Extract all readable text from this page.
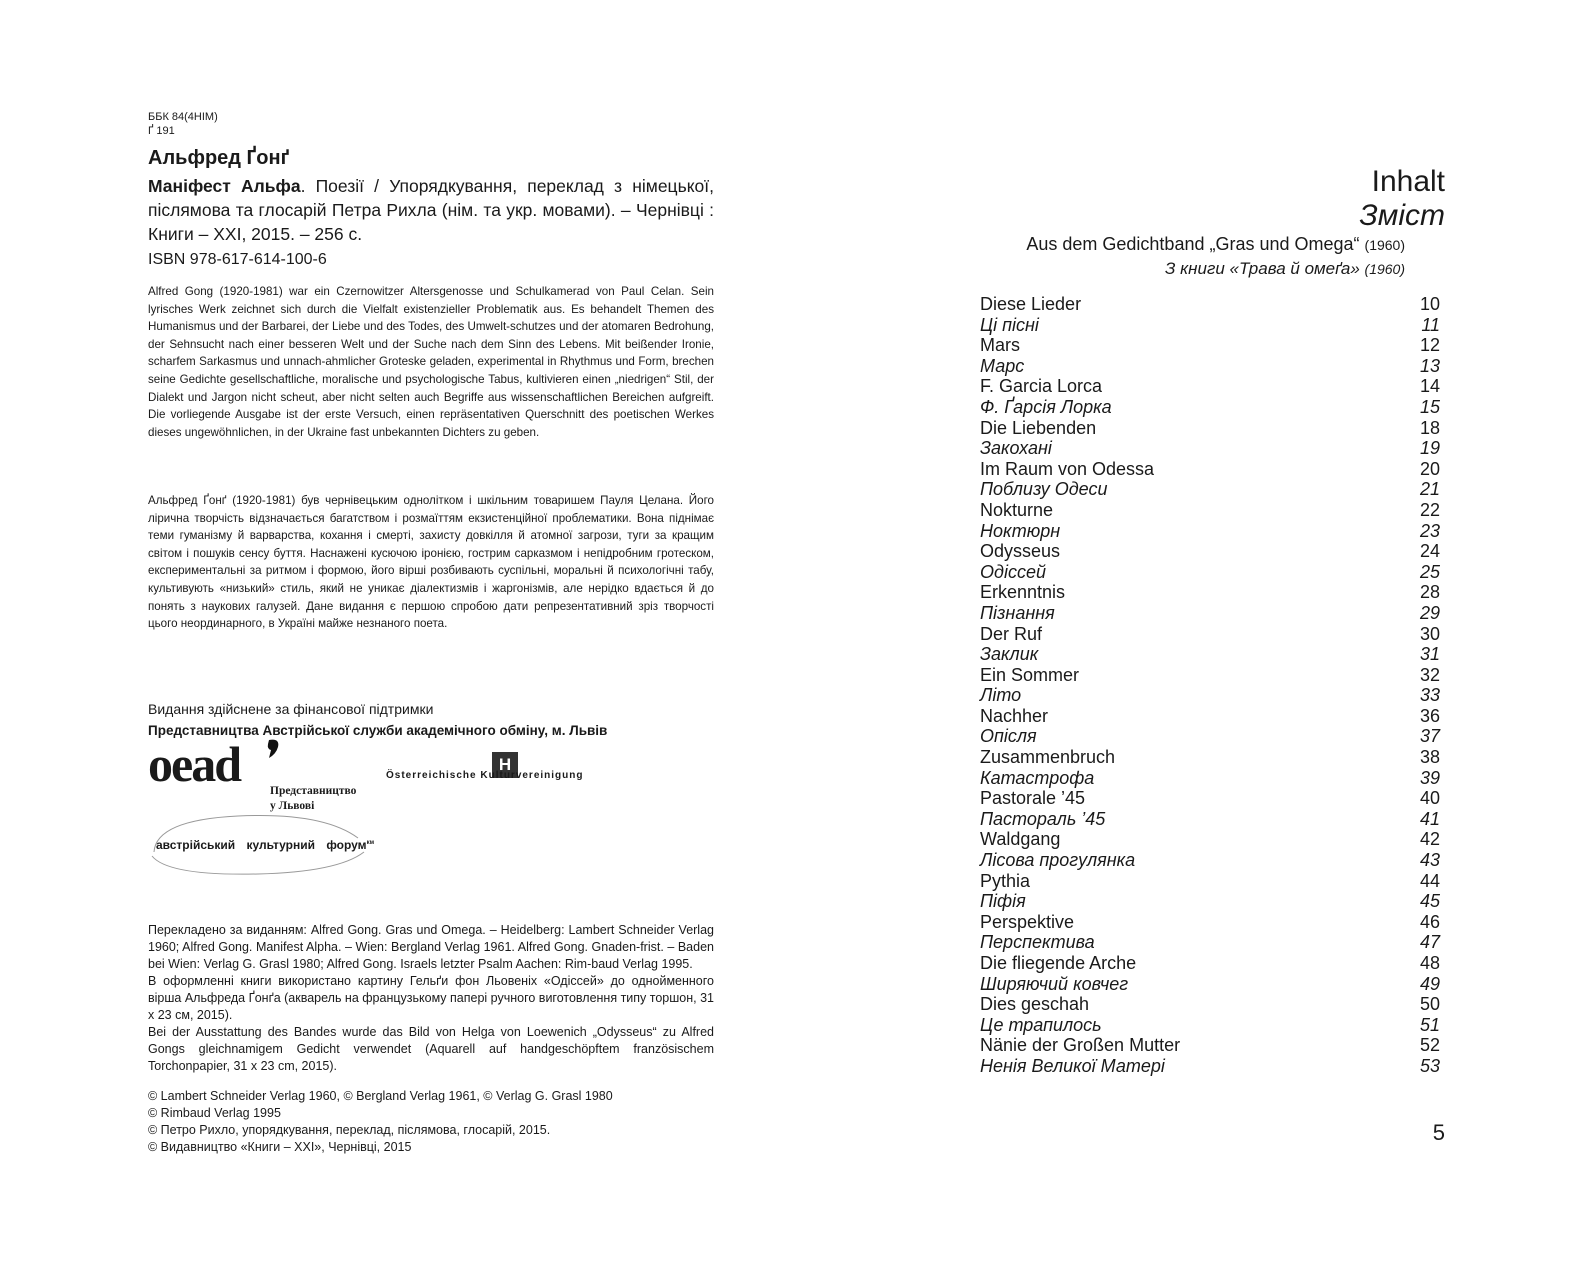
ББК 84(4НІМ)
Ґ 191
Альфред Ґонґ

Маніфест Альфа. Поезії / Упорядкування, переклад з німецької, післямова та глосарій Петра Рихла (нім. та укр. мовами). – Чернівці : Книги – XXI, 2015. – 256 с.

ISBN 978-617-614-100-6

Alfred Gong (1920-1981) war ein Czernowitzer Altersgenosse und Schulkamerad von Paul Celan. Sein lyrisches Werk zeichnet sich durch die Vielfalt existenzieller Problematik aus. Es behandelt Themen des Humanismus und der Barbarei, der Liebe und des Todes, des Umwelt-schutzes und der atomaren Bedrohung, der Sehnsucht nach einer besseren Welt und der Suche nach dem Sinn des Lebens. Mit beißender Ironie, scharfem Sarkasmus und unnach-ahmlicher Groteske geladen, experimental in Rhythmus und Form, brechen seine Gedichte gesellschaftliche, moralische und psychologische Tabus, kultivieren einen „niedrigen“ Stil, der Dialekt und Jargon nicht scheut, aber nicht selten auch Begriffe aus wissenschaftlichen Bereichen aufgreift. Die vorliegende Ausgabe ist der erste Versuch, einen repräsentativen Querschnitt des poetischen Werkes dieses ungewöhnlichen, in der Ukraine fast unbekannten Dichters zu geben.

Альфред Ґонґ (1920-1981) був чернівецьким однолітком і шкільним товаришем Пауля Целана. Його лірична творчість відзначається багатством і розмаїттям екзистенційної проблематики. Вона піднімає теми гуманізму й варварства, кохання і смерті, захисту довкілля й атомної загрози, туги за кращим світом і пошуків сенсу буття. Наснажені кусючою іронією, гострим сарказмом і непідробним гротеском, експериментальні за ритмом і формою, його вірші розбивають суспільні, моральні й психологічні табу, культивують «низький» стиль, який не уникає діалектизмів і жаргонізмів, але нерідко вдається й до понять з наукових галузей. Дане видання є першою спробою дати репрезентативний зріз творчості цього неординарного, в Україні майже незнаного поета.

Видання здійснене за фінансової підтримки
Представництва Австрійської служби академічного обміну, м. Львів
oead	Представництво
у Львові
Н
Österreichische Kulturvereinigung
австрійський культурний форум$^{км}$
Перекладено за виданням: Alfred Gong. Gras und Omega. – Heidelberg: Lambert Schneider Verlag 1960; Alfred Gong. Manifest Alpha. – Wien: Bergland Verlag 1961. Alfred Gong. Gnaden-frist. – Baden bei Wien: Verlag G. Grasl 1980; Alfred Gong. Israels letzter Psalm Aachen: Rim-baud Verlag 1995.
В оформленні книги використано картину Гельґи фон Льовеніх «Одіссей» до однойменного вірша Альфреда Ґонґа (акварель на французькому папері ручного виготовлення типу торшон, 31 x 23 см, 2015).
Bei der Ausstattung des Bandes wurde das Bild von Helga von Loewenich „Odysseus“ zu Alfred Gongs gleichnamigem Gedicht verwendet (Aquarell auf handgeschöpftem französischem Torchonpapier, 31 x 23 cm, 2015).
© Lambert Schneider Verlag 1960, © Bergland Verlag 1961, © Verlag G. Grasl 1980
© Rimbaud Verlag 1995
© Петро Рихло, упорядкування, переклад, післямова, глосарій, 2015.
© Видавництво «Книги – XXI», Чернівці, 2015
Inhalt
Зміст
Aus dem Gedichtband „Gras und Omega“ (1960)
З книги «Трава й омеґа» (1960)
Diese Lieder	10
Ці пісні	11
Mars	12
Марс	13
F. Garcia Lorca	14
Ф. Ґарсія Лорка	15
Die Liebenden	18
Закохані	19
Im Raum von Odessa	20
Поблизу Одеси	21
Nokturne	22
Ноктюрн	23
Odysseus	24
Одіссей	25
Erkenntnis	28
Пізнання	29
Der Ruf	30
Заклик	31
Ein Sommer	32
Літо	33
Nachher	36
Опісля	37
Zusammenbruch	38
Катастрофа	39
Pastorale ’45	40
Пастораль ’45	41
Waldgang	42
Лісова прогулянка	43
Pythia	44
Піфія	45
Perspektive	46
Перспектива	47
Die fliegende Arche	48
Ширяючий ковчег	49
Dies geschah	50
Це трапилось	51
Nänie der Großen Mutter	52
Ненія Великої Матері	53
5
